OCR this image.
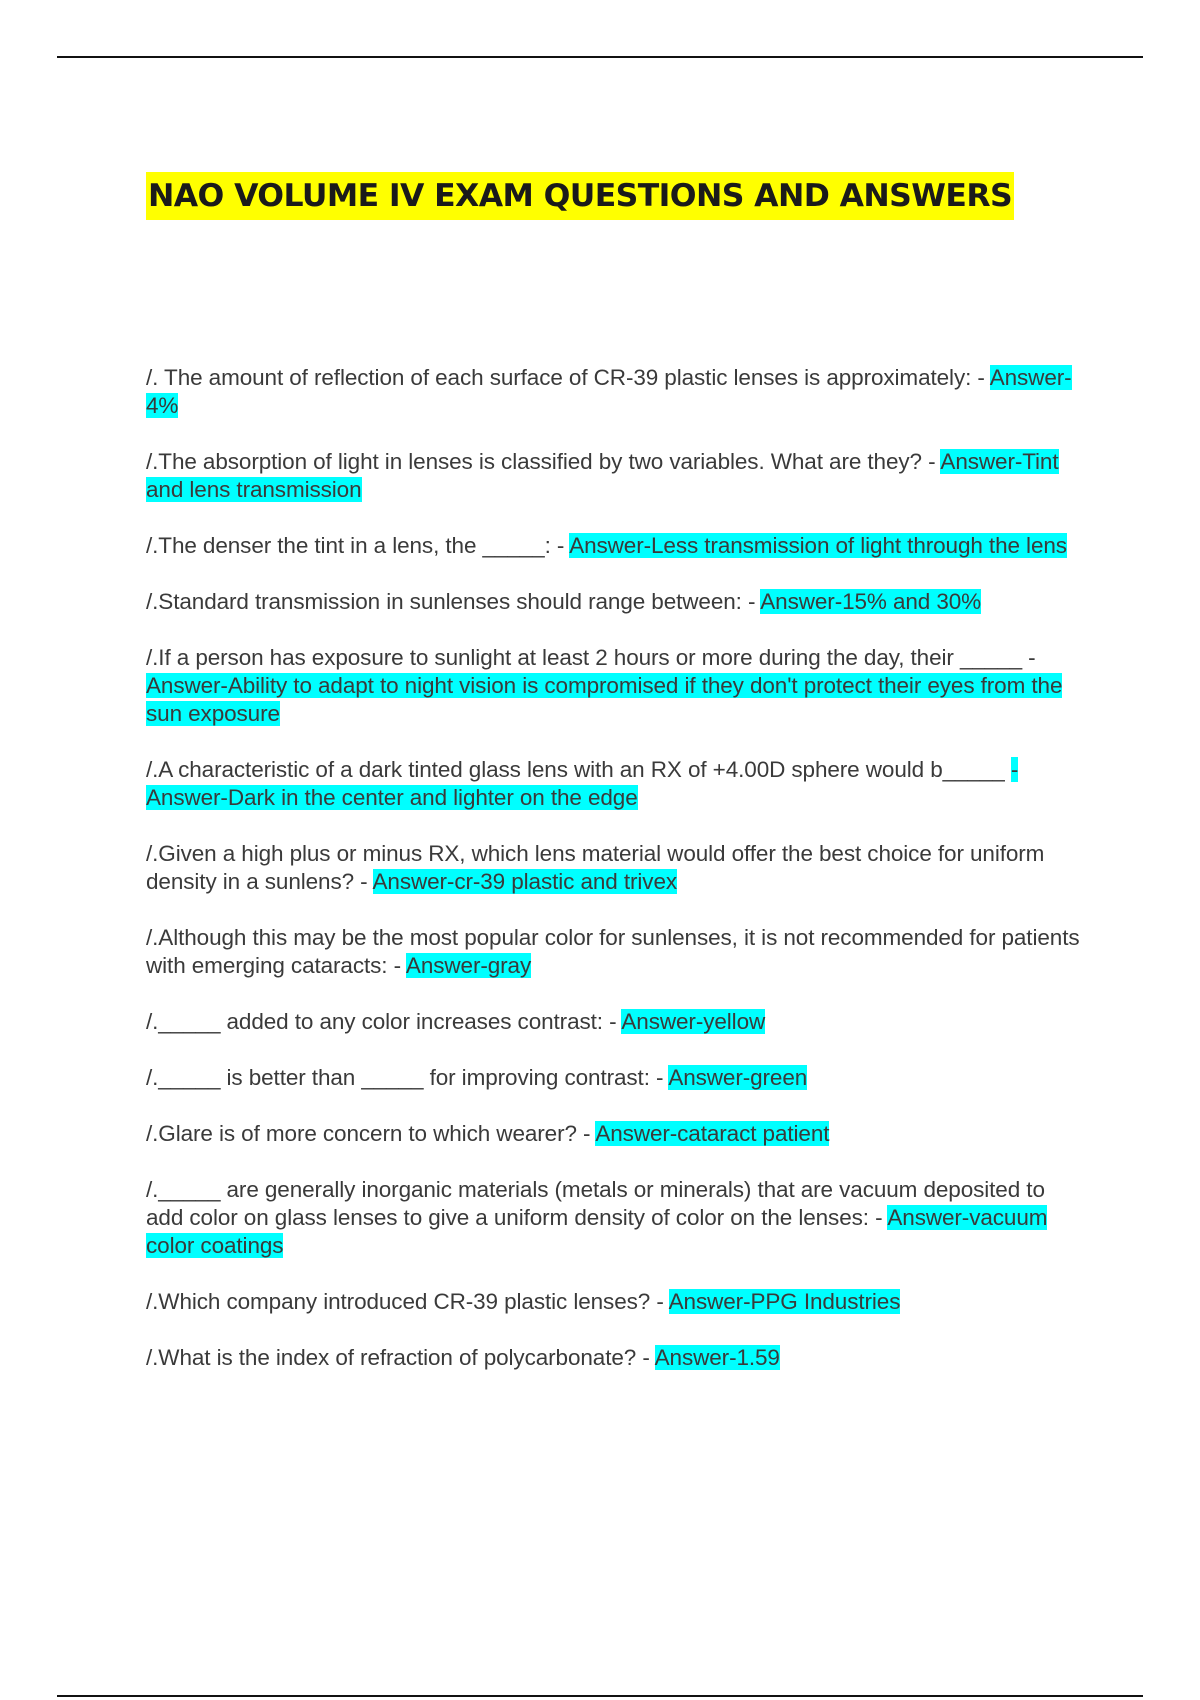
NAO VOLUME IV EXAM QUESTIONS AND ANSWERS
/. The amount of reflection of each surface of CR-39 plastic lenses is approximately: - Answer-4%
/.The absorption of light in lenses is classified by two variables. What are they? - Answer-Tint and lens transmission
/.The denser the tint in a lens, the _____: - Answer-Less transmission of light through the lens
/.Standard transmission in sunlenses should range between: - Answer-15% and 30%
/.If a person has exposure to sunlight at least 2 hours or more during the day, their _____ - Answer-Ability to adapt to night vision is compromised if they don't protect their eyes from the sun exposure
/.A characteristic of a dark tinted glass lens with an RX of +4.00D sphere would b_____ - Answer-Dark in the center and lighter on the edge
/.Given a high plus or minus RX, which lens material would offer the best choice for uniform density in a sunlens? - Answer-cr-39 plastic and trivex
/.Although this may be the most popular color for sunlenses, it is not recommended for patients with emerging cataracts: - Answer-gray
/._____ added to any color increases contrast: - Answer-yellow
/._____ is better than _____ for improving contrast: - Answer-green
/.Glare is of more concern to which wearer? - Answer-cataract patient
/._____ are generally inorganic materials (metals or minerals) that are vacuum deposited to add color on glass lenses to give a uniform density of color on the lenses: - Answer-vacuum color coatings
/.Which company introduced CR-39 plastic lenses? - Answer-PPG Industries
/.What is the index of refraction of polycarbonate? - Answer-1.59
